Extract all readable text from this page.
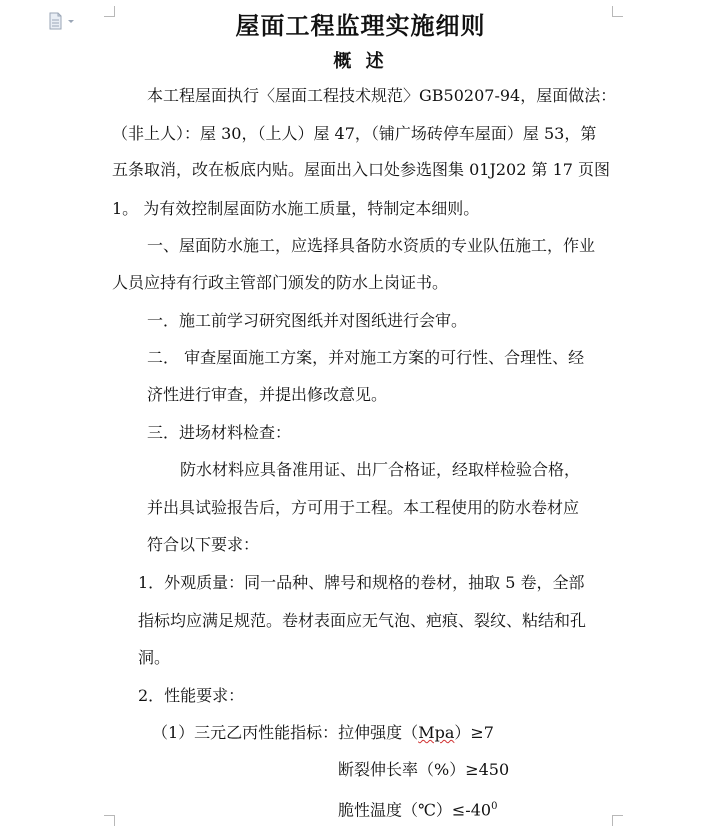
屋面工程监理实施细则
概 述
本工程屋面执行〈屋面工程技术规范〉GB50207-94，屋面做法：
（非上人）：屋 30，（上人）屋 47，（铺广场砖停车屋面）屋 53，第
五条取消，改在板底内贴。屋面出入口处参选图集 01J202 第 17 页图
1。 为有效控制屋面防水施工质量，特制定本细则。
一、屋面防水施工，应选择具备防水资质的专业队伍施工，作业
人员应持有行政主管部门颁发的防水上岗证书。
一．施工前学习研究图纸并对图纸进行会审。
二． 审查屋面施工方案，并对施工方案的可行性、合理性、经
济性进行审查，并提出修改意见。
三．进场材料检查：
防水材料应具备准用证、出厂合格证，经取样检验合格，
并出具试验报告后，方可用于工程。本工程使用的防水卷材应
符合以下要求：
1．外观质量：同一品种、牌号和规格的卷材，抽取 5 卷，全部
指标均应满足规范。卷材表面应无气泡、疤痕、裂纹、粘结和孔
洞。
2．性能要求：
（1）三元乙丙性能指标：拉伸强度（Mpa）≥7
断裂伸长率（%）≥450
脆性温度$(℃)\le-40^0$
